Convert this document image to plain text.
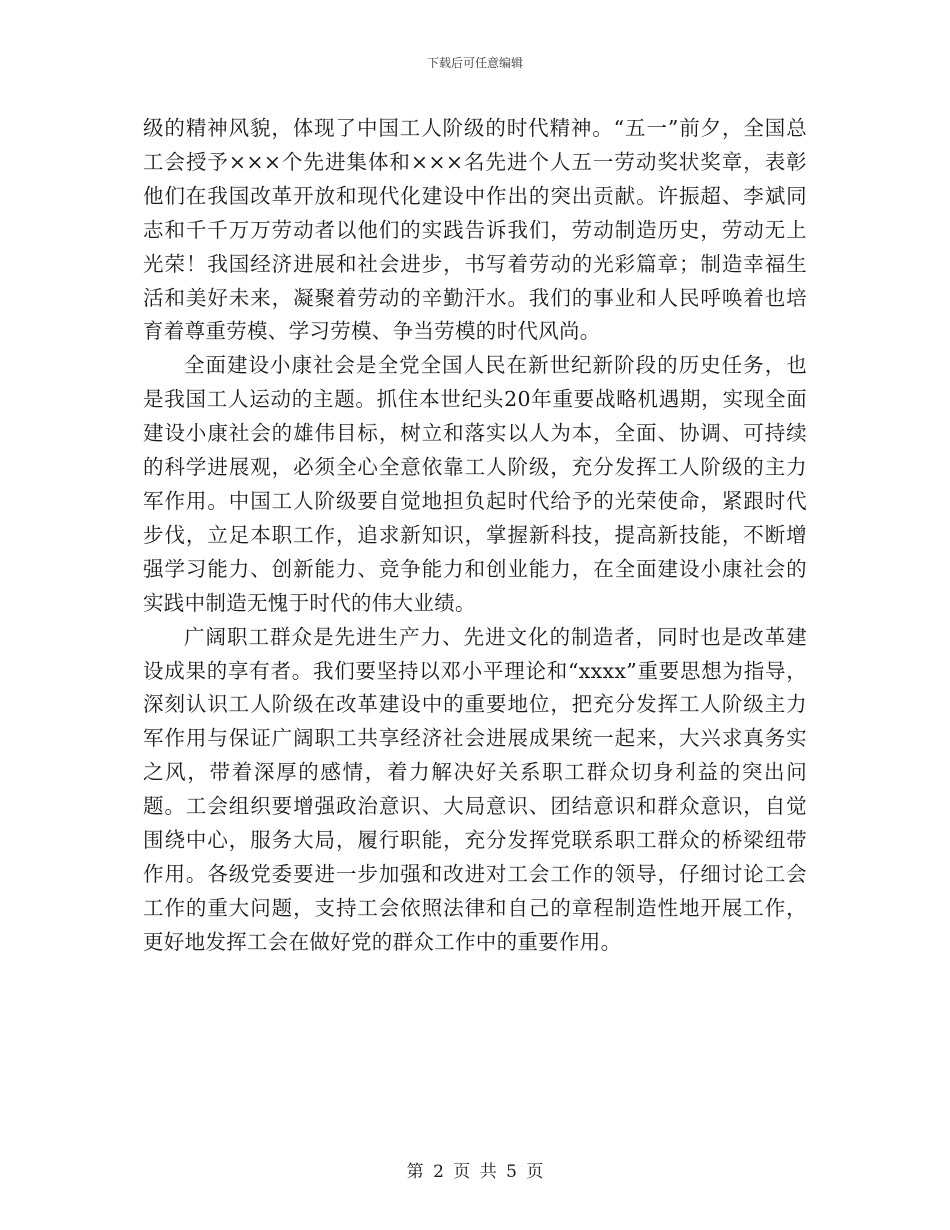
下载后可任意编辑

级的精神风貌，体现了中国工人阶级的时代精神。“五一”前夕，全国总工会授予×××个先进集体和×××名先进个人五一劳动奖状奖章，表彰他们在我国改革开放和现代化建设中作出的突出贡献。许振超、李斌同志和千千万万劳动者以他们的实践告诉我们，劳动制造历史，劳动无上光荣！我国经济进展和社会进步，书写着劳动的光彩篇章；制造幸福生活和美好未来，凝聚着劳动的辛勤汗水。我们的事业和人民呼唤着也培育着尊重劳模、学习劳模、争当劳模的时代风尚。

全面建设小康社会是全党全国人民在新世纪新阶段的历史任务，也是我国工人运动的主题。抓住本世纪头20年重要战略机遇期，实现全面建设小康社会的雄伟目标，树立和落实以人为本，全面、协调、可持续的科学进展观，必须全心全意依靠工人阶级，充分发挥工人阶级的主力军作用。中国工人阶级要自觉地担负起时代给予的光荣使命，紧跟时代步伐，立足本职工作，追求新知识，掌握新科技，提高新技能，不断增强学习能力、创新能力、竞争能力和创业能力，在全面建设小康社会的实践中制造无愧于时代的伟大业绩。

广阔职工群众是先进生产力、先进文化的制造者，同时也是改革建设成果的享有者。我们要坚持以邓小平理论和“xxxx”重要思想为指导，深刻认识工人阶级在改革建设中的重要地位，把充分发挥工人阶级主力军作用与保证广阔职工共享经济社会进展成果统一起来，大兴求真务实之风，带着深厚的感情，着力解决好关系职工群众切身利益的突出问题。工会组织要增强政治意识、大局意识、团结意识和群众意识，自觉围绕中心，服务大局，履行职能，充分发挥党联系职工群众的桥梁纽带作用。各级党委要进一步加强和改进对工会工作的领导，仔细讨论工会工作的重大问题，支持工会依照法律和自己的章程制造性地开展工作，更好地发挥工会在做好党的群众工作中的重要作用。

第 2 页 共 5 页
